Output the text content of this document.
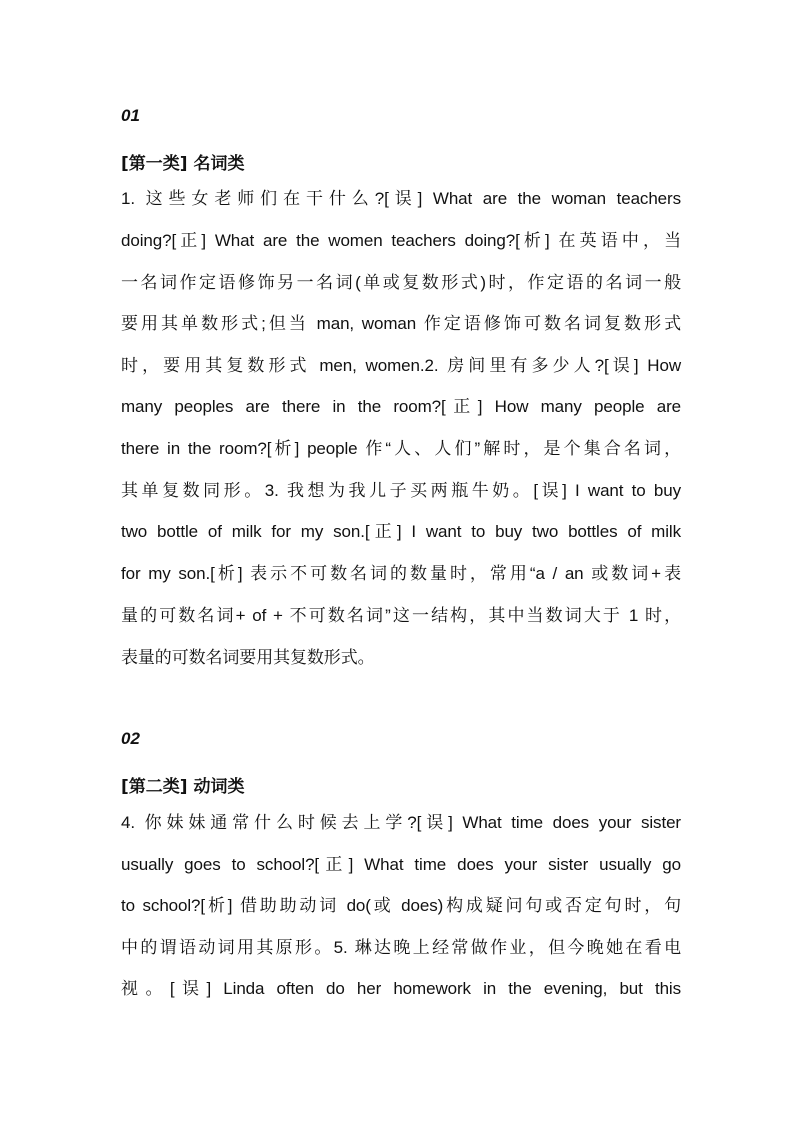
01
[第一类] 名词类
1. 这些女老师们在干什么?[误] What are the woman teachers
doing?[正] What are the women teachers doing?[析] 在英语中，当
一名词作定语修饰另一名词(单或复数形式)时，作定语的名词一般
要用其单数形式;但当 man, woman 作定语修饰可数名词复数形式
时，要用其复数形式 men, women.2. 房间里有多少人?[误] How
many peoples are there in the room?[正] How many people are
there in the room?[析] people 作“人、人们”解时，是个集合名词，
其单复数同形。3. 我想为我儿子买两瓶牛奶。[误] I want to buy
two bottle of milk for my son.[正] I want to buy two bottles of milk
for my son.[析] 表示不可数名词的数量时，常用“a / an 或数词+表
量的可数名词+ of + 不可数名词”这一结构，其中当数词大于 1 时，
表量的可数名词要用其复数形式。
02
[第二类] 动词类
4. 你妹妹通常什么时候去上学?[误] What time does your sister
usually goes to school?[正] What time does your sister usually go
to school?[析] 借助助动词 do(或 does)构成疑问句或否定句时，句
中的谓语动词用其原形。5. 琳达晚上经常做作业，但今晚她在看电
视。[误] Linda often do her homework in the evening, but this
